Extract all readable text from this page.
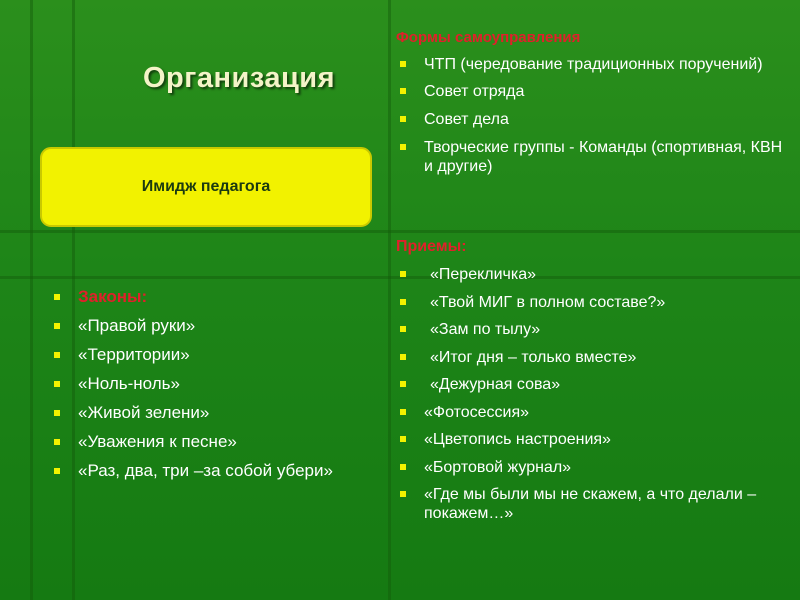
Организация
Имидж педагога
Законы:
«Правой руки»
«Территории»
«Ноль-ноль»
«Живой зелени»
«Уважения к песне»
«Раз, два, три –за собой убери»
Формы самоуправления
ЧТП (чередование традиционных поручений)
Совет отряда
Совет дела
Творческие группы - Команды (спортивная, КВН и другие)
Приемы:
«Перекличка»
«Твой МИГ в полном составе?»
«Зам по тылу»
«Итог дня – только вместе»
«Дежурная сова»
«Фотосессия»
«Цветопись настроения»
«Бортовой журнал»
«Где мы были мы не скажем, а что делали – покажем…»
